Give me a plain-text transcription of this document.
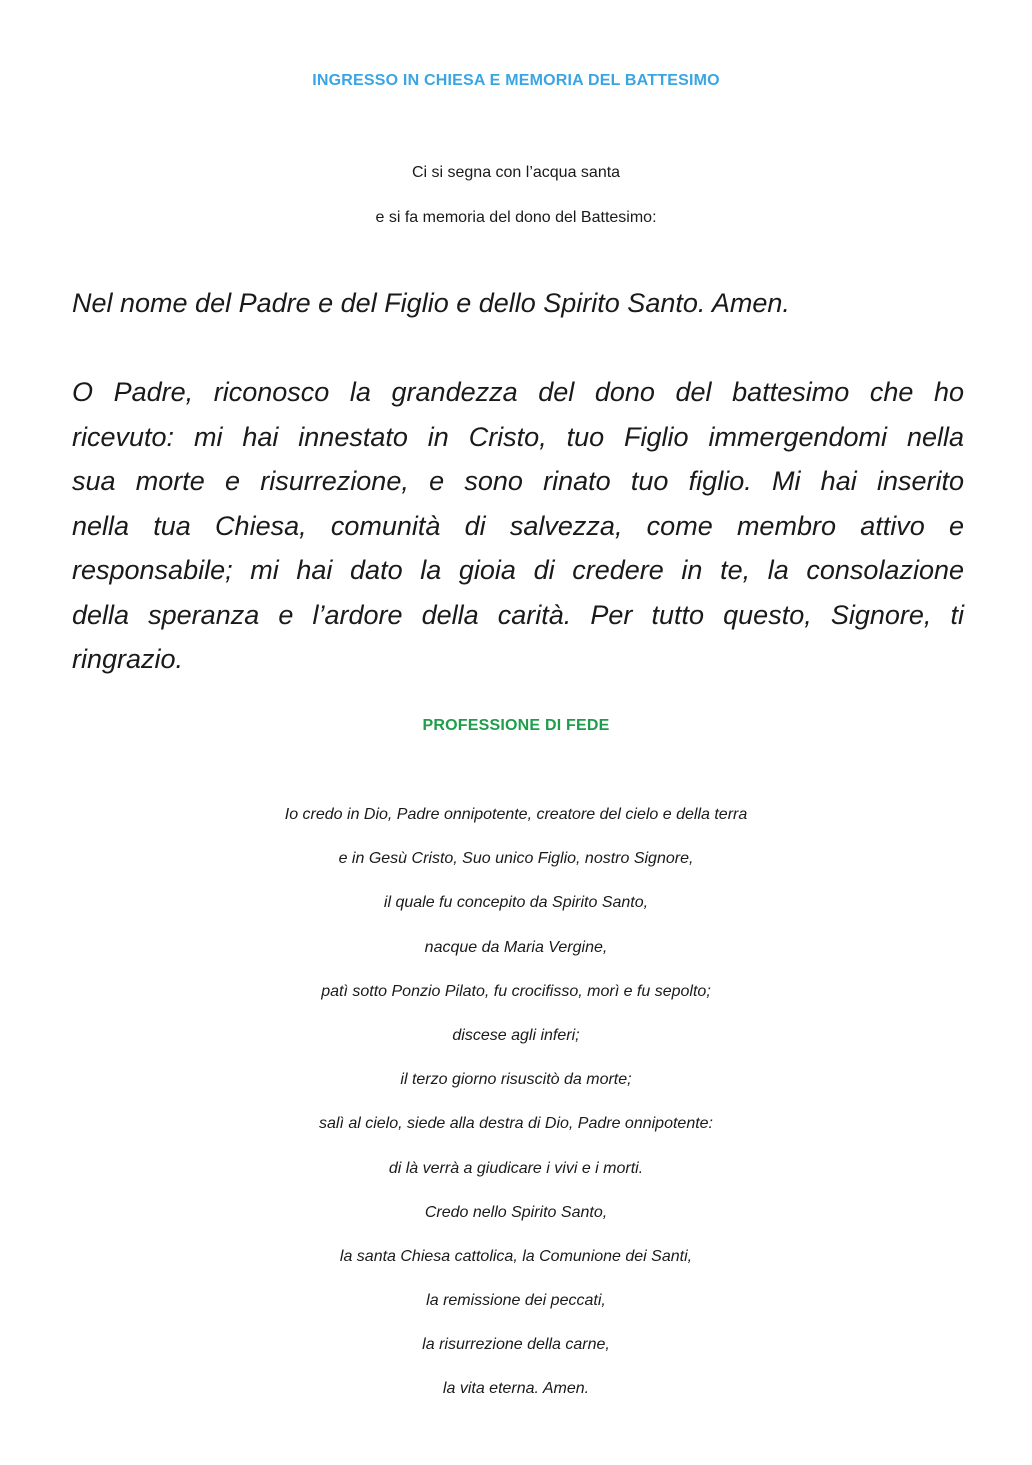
INGRESSO IN CHIESA E MEMORIA DEL BATTESIMO
Ci si segna con l’acqua santa
e si fa memoria del dono del Battesimo:
Nel nome del Padre e del Figlio e dello Spirito Santo. Amen.
O Padre, riconosco la grandezza del dono del battesimo che ho
ricevuto: mi hai innestato in Cristo, tuo Figlio immergendomi nella
sua morte e risurrezione, e sono rinato tuo figlio. Mi hai inserito
nella tua Chiesa, comunità di salvezza, come membro attivo e
responsabile; mi hai dato la gioia di credere in te, la consolazione
della speranza e l’ardore della carità. Per tutto questo, Signore, ti
ringrazio.
PROFESSIONE DI FEDE
Io credo in Dio, Padre onnipotente, creatore del cielo e della terra
e in Gesù Cristo, Suo unico Figlio, nostro Signore,
il quale fu concepito da Spirito Santo,
nacque da Maria Vergine,
patì sotto Ponzio Pilato, fu crocifisso, morì e fu sepolto;
discese agli inferi;
il terzo giorno risuscitò da morte;
salì al cielo, siede alla destra di Dio, Padre onnipotente:
di là verrà a giudicare i vivi e i morti.
Credo nello Spirito Santo,
la santa Chiesa cattolica, la Comunione dei Santi,
la remissione dei peccati,
la risurrezione della carne,
la vita eterna. Amen.
